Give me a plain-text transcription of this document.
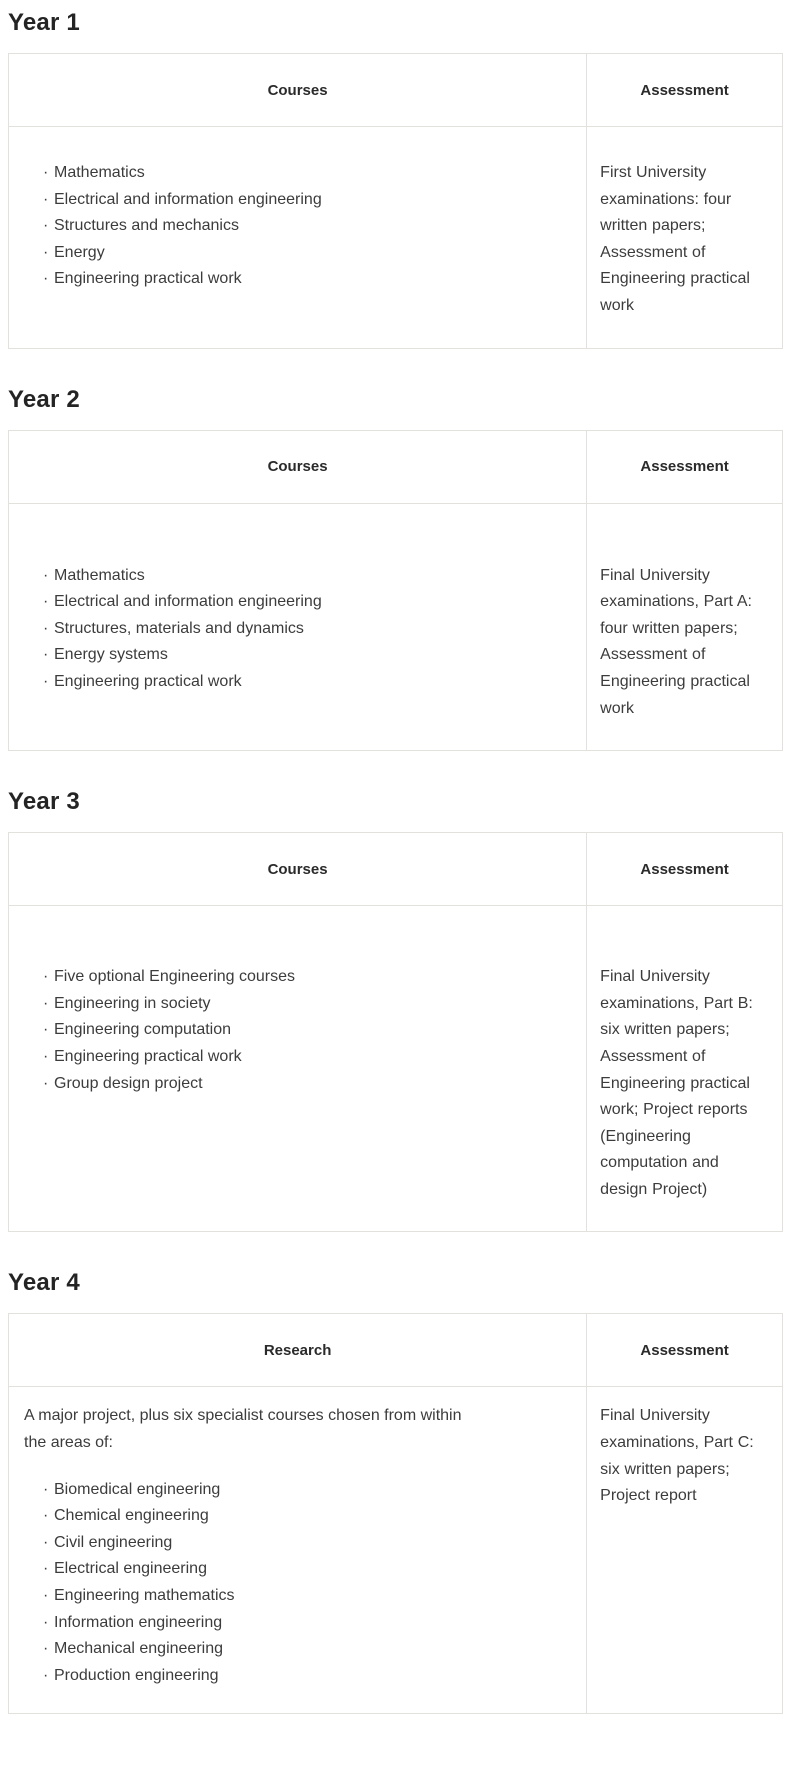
Year 1
Courses	Assessment

· Mathematics
· Electrical and information engineering
· Structures and mechanics
· Energy
· Engineering practical work

First University examinations: four written papers; Assessment of Engineering practical work
Year 2
Courses	Assessment

· Mathematics
· Electrical and information engineering
· Structures, materials and dynamics
· Energy systems
· Engineering practical work

Final University examinations, Part A: four written papers; Assessment of Engineering practical work
Year 3
Courses	Assessment

· Five optional Engineering courses
· Engineering in society
· Engineering computation
· Engineering practical work
· Group design project

Final University examinations, Part B: six written papers; Assessment of Engineering practical work; Project reports (Engineering computation and design Project)
Year 4
Research	Assessment

A major project, plus six specialist courses chosen from within the areas of:

· Biomedical engineering
· Chemical engineering
· Civil engineering
· Electrical engineering
· Engineering mathematics
· Information engineering
· Mechanical engineering
· Production engineering

Final University examinations, Part C: six written papers; Project report
